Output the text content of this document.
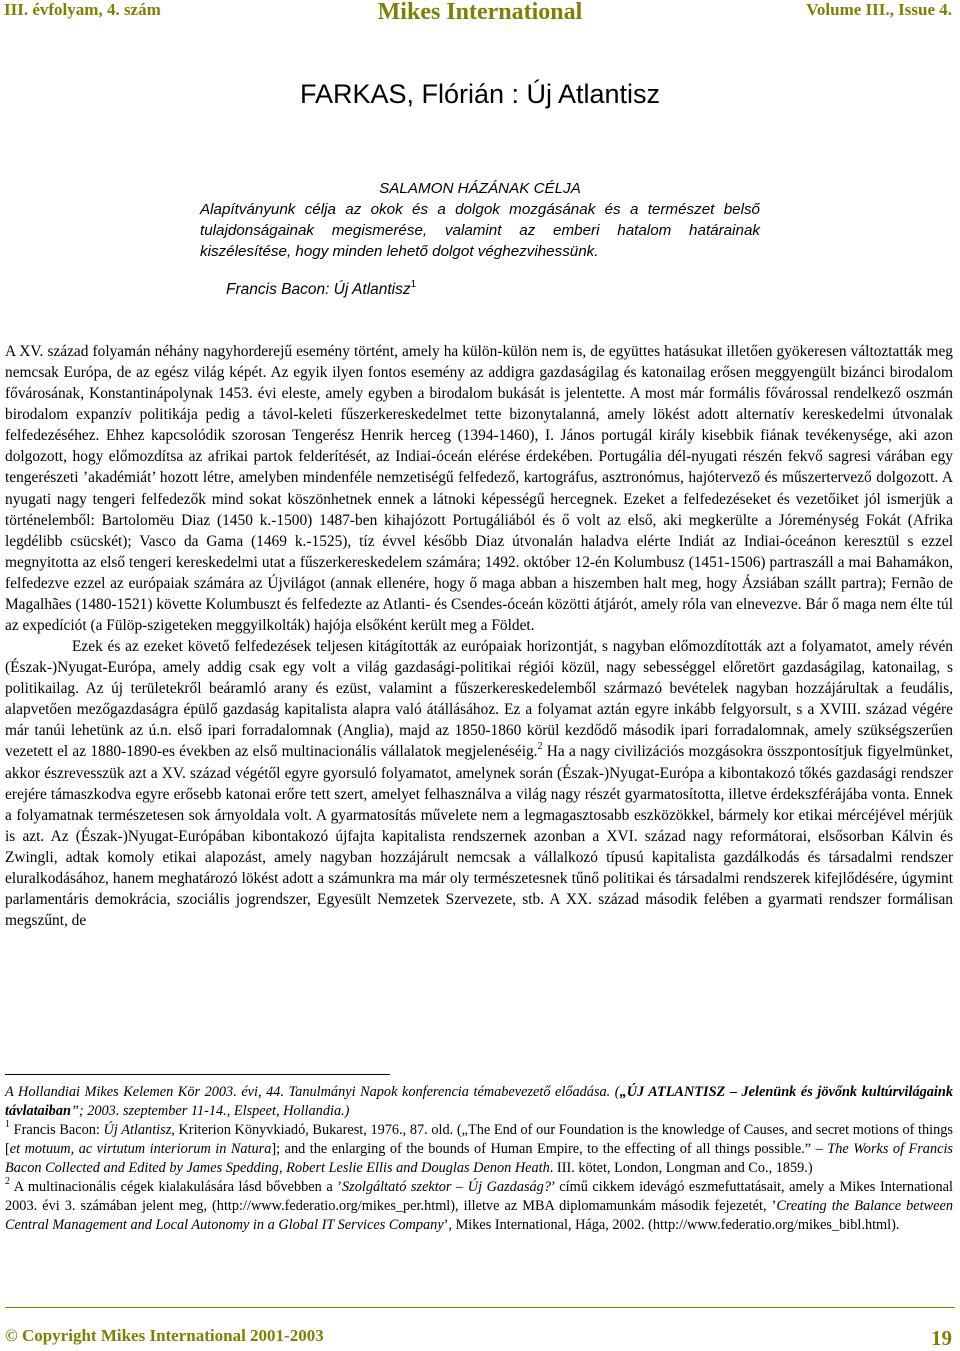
III. évfolyam, 4. szám	Mikes International	Volume III., Issue 4.
FARKAS, Flórián : Új Atlantisz
SALAMON HÁZÁNAK CÉLJA
Alapítványunk célja az okok és a dolgok mozgásának és a természet belső tulajdonságainak megismerése, valamint az emberi hatalom határainak kiszélesítése, hogy minden lehető dolgot véghezvihessünk.
Francis Bacon: Új Atlantisz$^1$

A XV. század folyamán néhány nagyhorderejű esemény történt, amely ha külön-külön nem is, de együttes hatásukat illetően gyökeresen változtatták meg nemcsak Európa, de az egész világ képét. Az egyik ilyen fontos esemény az addigra gazdaságilag és katonailag erősen meggyengült bizánci birodalom fővárosának, Konstantinápolynak 1453. évi eleste, amely egyben a birodalom bukását is jelentette. A most már formális fővárossal rendelkező oszmán birodalom expanzív politikája pedig a távol-keleti fűszerkereskedelmet tette bizonytalanná, amely lökést adott alternatív kereskedelmi útvonalak felfedezéséhez. Ehhez kapcsolódik szorosan Tengerész Henrik herceg (1394-1460), I. János portugál király kisebbik fiának tevékenysége, aki azon dolgozott, hogy előmozdítsa az afrikai partok felderítését, az Indiai-óceán elérése érdekében. Portugália dél-nyugati részén fekvő sagresi várában egy tengerészeti ’akadémiát’ hozott létre, amelyben mindenféle nemzetiségű felfedező, kartográfus, asztronómus, hajótervező és műszertervező dolgozott. A nyugati nagy tengeri felfedezők mind sokat köszönhetnek ennek a látnoki képességű hercegnek. Ezeket a felfedezéseket és vezetőiket jól ismerjük a történelemből: Bartolomëu Diaz (1450 k.-1500) 1487-ben kihajózott Portugáliából és ő volt az első, aki megkerülte a Jóreménység Fokát (Afrika legdélibb csücskét); Vasco da Gama (1469 k.-1525), tíz évvel később Diaz útvonalán haladva elérte Indiát az Indiai-óceánon keresztül s ezzel megnyitotta az első tengeri kereskedelmi utat a fűszerkereskedelem számára; 1492. október 12-én Kolumbusz (1451-1506) partraszáll a mai Bahamákon, felfedezve ezzel az európaiak számára az Újvilágot (annak ellenére, hogy ő maga abban a hiszemben halt meg, hogy Ázsiában szállt partra); Fernão de Magalhães (1480-1521) követte Kolumbuszt és felfedezte az Atlanti- és Csendes-óceán közötti átjárót, amely róla van elnevezve. Bár ő maga nem élte túl az expedíciót (a Fülöp-szigeteken meggyilkolták) hajója elsőként került meg a Földet.

Ezek és az ezeket követő felfedezések teljesen kitágították az európaiak horizontját, s nagyban előmozdították azt a folyamatot, amely révén (Észak-)Nyugat-Európa, amely addig csak egy volt a világ gazdasági-politikai régiói közül, nagy sebességgel előretört gazdaságilag, katonailag, s politikailag. Az új területekről beáramló arany és ezüst, valamint a fűszerkereskedelemből származó bevételek nagyban hozzájárultak a feudális, alapvetően mezőgazdaságra épülő gazdaság kapitalista alapra való átállásához. Ez a folyamat aztán egyre inkább felgyorsult, s a XVIII. század végére már tanúi lehetünk az ú.n. első ipari forradalomnak (Anglia), majd az 1850-1860 körül kezdődő második ipari forradalomnak, amely szükségszerűen vezetett el az 1880-1890-es években az első multinacionális vállalatok megjelenéséig.$^2$ Ha a nagy civilizációs mozgásokra összpontosítjuk figyelmünket, akkor észrevesszük azt a XV. század végétől egyre gyorsuló folyamatot, amelynek során (Észak-)Nyugat-Európa a kibontakozó tőkés gazdasági rendszer erejére támaszkodva egyre erősebb katonai erőre tett szert, amelyet felhasználva a világ nagy részét gyarmatosította, illetve érdekszférájába vonta. Ennek a folyamatnak természetesen sok árnyoldala volt. A gyarmatosítás művelete nem a legmagasztosabb eszközökkel, bármely kor etikai mércéjével mérjük is azt. Az (Észak-)Nyugat-Európában kibontakozó újfajta kapitalista rendszernek azonban a XVI. század nagy reformátorai, elsősorban Kálvin és Zwingli, adtak komoly etikai alapozást, amely nagyban hozzájárult nemcsak a vállalkozó típusú kapitalista gazdálkodás és társadalmi rendszer eluralkodásához, hanem meghatározó lökést adott a számunkra ma már oly természetesnek tűnő politikai és társadalmi rendszerek kifejlődésére, úgymint parlamentáris demokrácia, szociális jogrendszer, Egyesült Nemzetek Szervezete, stb. A XX. század második felében a gyarmati rendszer formálisan megszűnt, de

A Hollandiai Mikes Kelemen Kör 2003. évi, 44. Tanulmányi Napok konferencia témabevezető előadása. („ÚJ ATLANTISZ – Jelenünk és jövőnk kultúrvilágaink távlataiban”; 2003. szeptember 11-14., Elspeet, Hollandia.)

$^1$ Francis Bacon: Új Atlantisz, Kriterion Könyvkiadó, Bukarest, 1976., 87. old. („The End of our Foundation is the knowledge of Causes, and secret motions of things [et motuum, ac virtutum interiorum in Natura]; and the enlarging of the bounds of Human Empire, to the effecting of all things possible.” – The Works of Francis Bacon Collected and Edited by James Spedding, Robert Leslie Ellis and Douglas Denon Heath. III. kötet, London, Longman and Co., 1859.)

$^2$ A multinacionális cégek kialakulására lásd bővebben a ’Szolgáltató szektor – Új Gazdaság?’ című cikkem idevágó eszmefuttatásait, amely a Mikes International 2003. évi 3. számában jelent meg, (http://www.federatio.org/mikes_per.html), illetve az MBA diplomamunkám második fejezetét, ’Creating the Balance between Central Management and Local Autonomy in a Global IT Services Company’, Mikes International, Hága, 2002. (http://www.federatio.org/mikes_bibl.html).

© Copyright Mikes International 2001-2003	19
